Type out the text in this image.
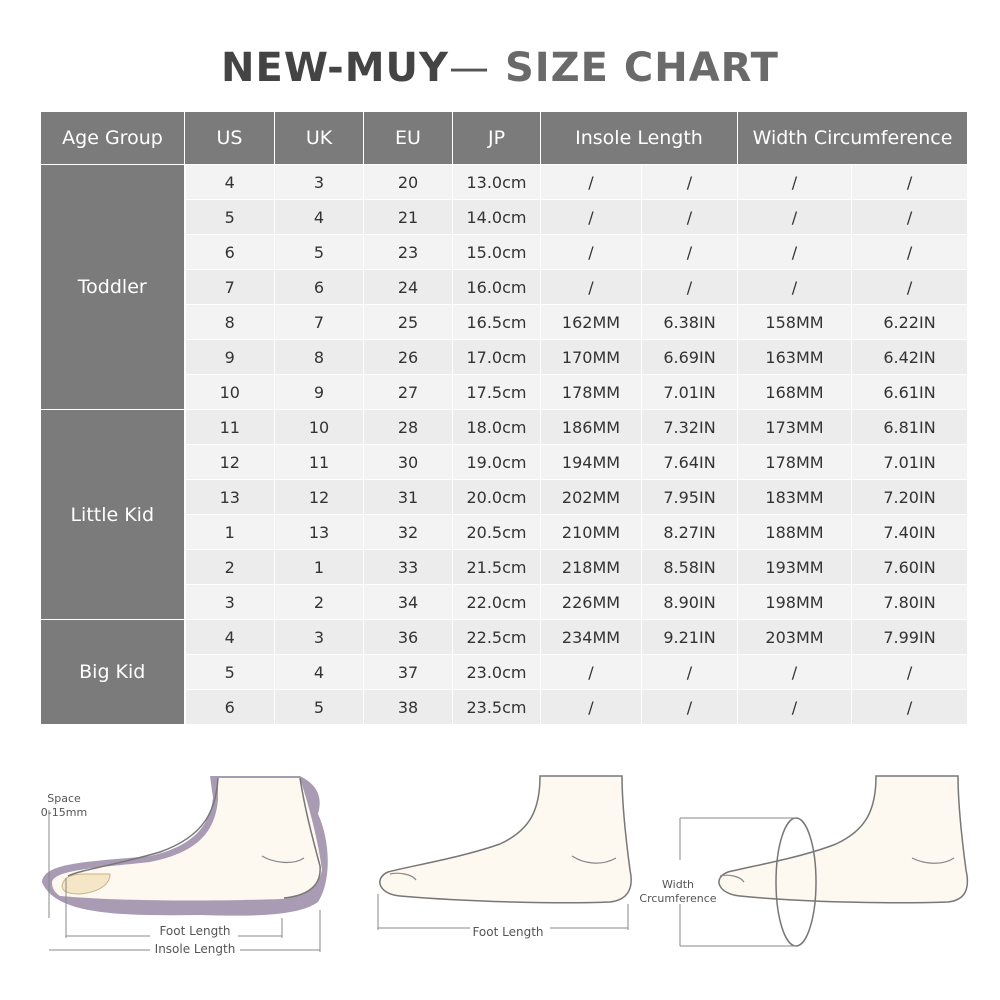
NEW-MUY— SIZE CHART
Age Group	US	UK	EU	JP	Insole Length		Width Circumference	
Toddler	4	3	20	13.0cm	/	/	/	/
	5	4	21	14.0cm	/	/	/	/
	6	5	23	15.0cm	/	/	/	/
	7	6	24	16.0cm	/	/	/	/
	8	7	25	16.5cm	162MM	6.38IN	158MM	6.22IN
	9	8	26	17.0cm	170MM	6.69IN	163MM	6.42IN
	10	9	27	17.5cm	178MM	7.01IN	168MM	6.61IN
Little Kid	11	10	28	18.0cm	186MM	7.32IN	173MM	6.81IN
	12	11	30	19.0cm	194MM	7.64IN	178MM	7.01IN
	13	12	31	20.0cm	202MM	7.95IN	183MM	7.20IN
	1	13	32	20.5cm	210MM	8.27IN	188MM	7.40IN
	2	1	33	21.5cm	218MM	8.58IN	193MM	7.60IN
	3	2	34	22.0cm	226MM	8.90IN	198MM	7.80IN
Big Kid	4	3	36	22.5cm	234MM	9.21IN	203MM	7.99IN
	5	4	37	23.0cm	/	/	/	/
	6	5	38	23.5cm	/	/	/	/
Space
0-15mm
Foot Length
Insole Length
Foot Length
Width
Crcumference
